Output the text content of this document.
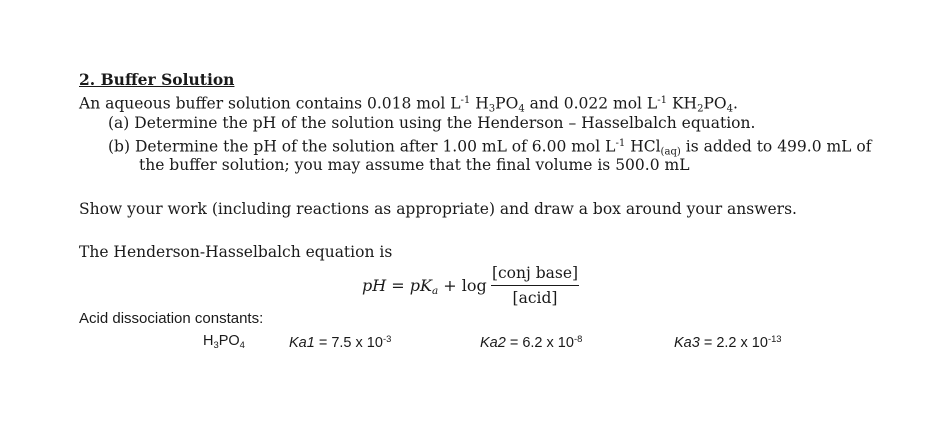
2. Buffer Solution
An aqueous buffer solution contains 0.018 mol $L^{-1}$ $H_3PO_4$ and 0.022 mol $L^{-1}$ $KH_2PO_4$.
(a) Determine the pH of the solution using the Henderson – Hasselbalch equation.
(b) Determine the pH of the solution after 1.00 mL of 6.00 mol $L^{-1}$ HCl$_{(aq)}$ is added to 499.0 mL of
the buffer solution; you may assume that the final volume is 500.0 mL
Show your work (including reactions as appropriate) and draw a box around your answers.
The Henderson-Hasselbalch equation is
pH = $pK_a + \log$
[conj base]
[acid]
Acid dissociation constants:
$H_3PO_4$	Ka1 = 7.5 x $10^{-3}$	Ka2 = 6.2 x $10^{-8}$	Ka3 = 2.2 x $10^{-13}$
